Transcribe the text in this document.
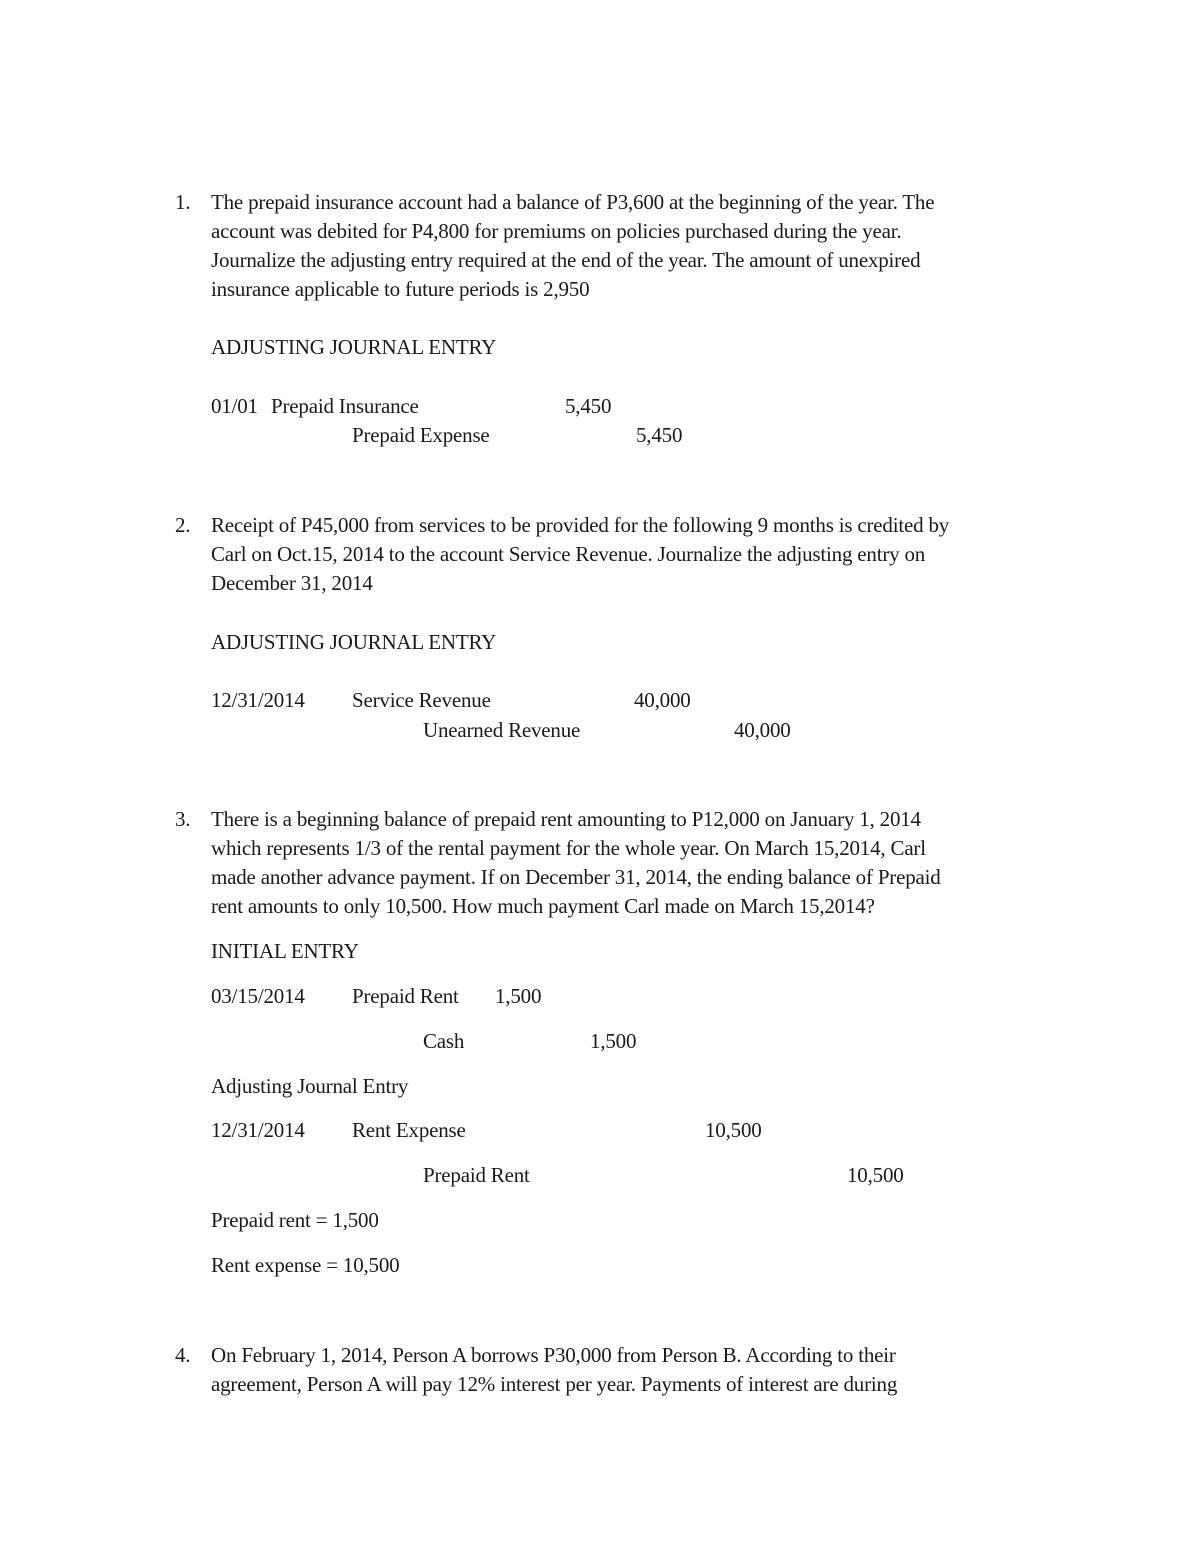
1. The prepaid insurance account had a balance of P3,600 at the beginning of the year. The
account was debited for P4,800 for premiums on policies purchased during the year.
Journalize the adjusting entry required at the end of the year. The amount of unexpired
insurance applicable to future periods is 2,950
ADJUSTING JOURNAL ENTRY
01/01 Prepaid Insurance	5,450
Prepaid Expense	5,450
2. Receipt of P45,000 from services to be provided for the following 9 months is credited by
Carl on Oct.15, 2014 to the account Service Revenue. Journalize the adjusting entry on
December 31, 2014
ADJUSTING JOURNAL ENTRY
12/31/2014 Service Revenue	40,000
Unearned Revenue	40,000
3. There is a beginning balance of prepaid rent amounting to P12,000 on January 1, 2014
which represents 1/3 of the rental payment for the whole year. On March 15,2014, Carl
made another advance payment. If on December 31, 2014, the ending balance of Prepaid
rent amounts to only 10,500. How much payment Carl made on March 15,2014?
INITIAL ENTRY
03/15/2014 Prepaid Rent 1,500
Cash	1,500
Adjusting Journal Entry
12/31/2014 Rent Expense	10,500
Prepaid Rent	10,500
Prepaid rent = 1,500
Rent expense = 10,500
4. On February 1, 2014, Person A borrows P30,000 from Person B. According to their
agreement, Person A will pay 12% interest per year. Payments of interest are during
